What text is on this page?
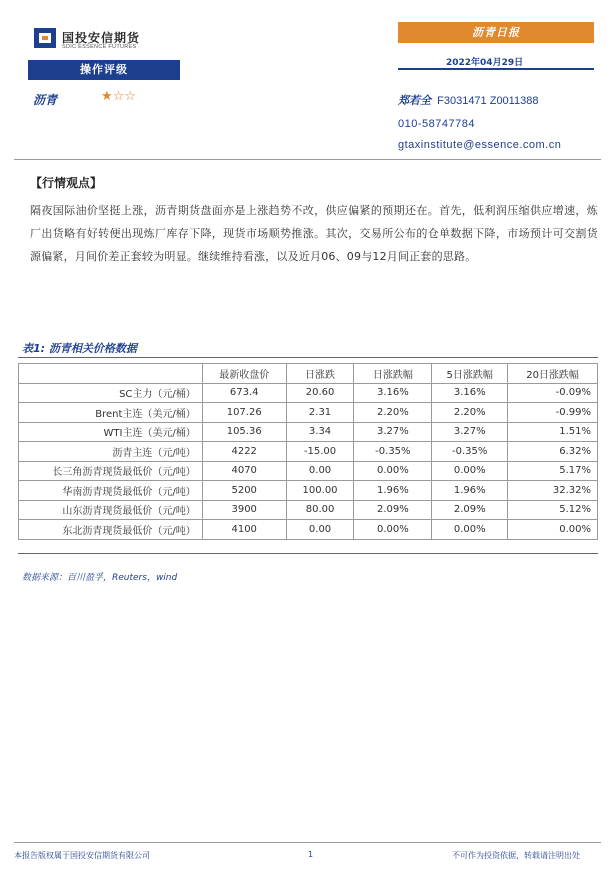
国投安信期货
SDIC ESSENCE FUTURES
操作评级
沥青	★☆☆
沥青日报
2022年04月29日
郑若全 F3031471 Z0011388
010-58747784
gtaxinstitute@essence.com.cn
【行情观点】
隔夜国际油价坚挺上涨，沥青期货盘面亦是上涨趋势不改，供应偏紧的预期还在。首先，低利润压缩供应增速，炼厂出货略有好转便出现炼厂库存下降，现货市场顺势推涨。其次，交易所公布的仓单数据下降，市场预计可交割货源偏紧，月间价差正套较为明显。继续维持看涨，以及近月06、09与12月间正套的思路。
表1: 沥青相关价格数据
	最新收盘价	日涨跌	日涨跌幅	5日涨跌幅	20日涨跌幅
SC主力（元/桶）	673.4	20.60	3.16%	3.16%	-0.09%
Brent主连（美元/桶）	107.26	2.31	2.20%	2.20%	-0.99%
WTI主连（美元/桶）	105.36	3.34	3.27%	3.27%	1.51%
沥青主连（元/吨）	4222	-15.00	-0.35%	-0.35%	6.32%
长三角沥青现货最低价（元/吨）	4070	0.00	0.00%	0.00%	5.17%
华南沥青现货最低价（元/吨）	5200	100.00	1.96%	1.96%	32.32%
山东沥青现货最低价（元/吨）	3900	80.00	2.09%	2.09%	5.12%
东北沥青现货最低价（元/吨）	4100	0.00	0.00%	0.00%	0.00%
数据来源：百川盈孚，Reuters，wind
本报告版权属于国投安信期货有限公司	1	不可作为投资依据，转载请注明出处
